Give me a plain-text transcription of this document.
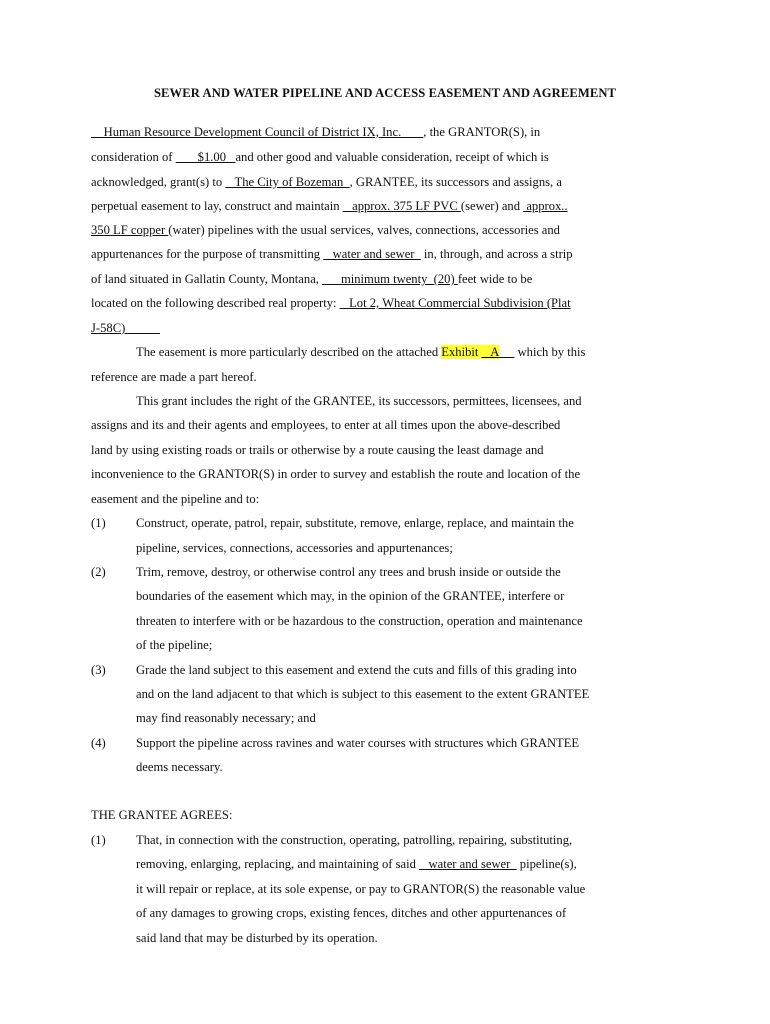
SEWER AND WATER PIPELINE AND ACCESS EASEMENT AND AGREEMENT
Human Resource Development Council of District IX, Inc.       , the GRANTOR(S), in
consideration of        $1.00   and other good and valuable consideration, receipt of which is
acknowledged, grant(s) to    The City of Bozeman  , GRANTEE, its successors and assigns, a
perpetual easement to lay, construct and maintain    approx. 375 LF PVC (sewer) and  approx..
350 LF copper (water) pipelines with the usual services, valves, connections, accessories and
appurtenances for the purpose of transmitting    water and sewer   in, through, and across a strip
of land situated in Gallatin County, Montana,       minimum twenty  (20) feet wide to be
located on the following described real property:    Lot 2, Wheat Commercial Subdivision (Plat
J-58C)
The easement is more particularly described on the attached Exhibit    A      which by this
reference are made a part hereof.
This grant includes the right of the GRANTEE, its successors, permittees, licensees, and
assigns and its and their agents and employees, to enter at all times upon the above-described
land by using existing roads or trails or otherwise by a route causing the least damage and
inconvenience to the GRANTOR(S) in order to survey and establish the route and location of the
easement and the pipeline and to:
(1) Construct, operate, patrol, repair, substitute, remove, enlarge, replace, and maintain the
pipeline, services, connections, accessories and appurtenances;
(2) Trim, remove, destroy, or otherwise control any trees and brush inside or outside the
boundaries of the easement which may, in the opinion of the GRANTEE, interfere or
threaten to interfere with or be hazardous to the construction, operation and maintenance
of the pipeline;
(3) Grade the land subject to this easement and extend the cuts and fills of this grading into
and on the land adjacent to that which is subject to this easement to the extent GRANTEE
may find reasonably necessary; and
(4) Support the pipeline across ravines and water courses with structures which GRANTEE
deems necessary.
THE GRANTEE AGREES:
(1) That, in connection with the construction, operating, patrolling, repairing, substituting,
removing, enlarging, replacing, and maintaining of said    water and sewer   pipeline(s),
it will repair or replace, at its sole expense, or pay to GRANTOR(S) the reasonable value
of any damages to growing crops, existing fences, ditches and other appurtenances of
said land that may be disturbed by its operation.
